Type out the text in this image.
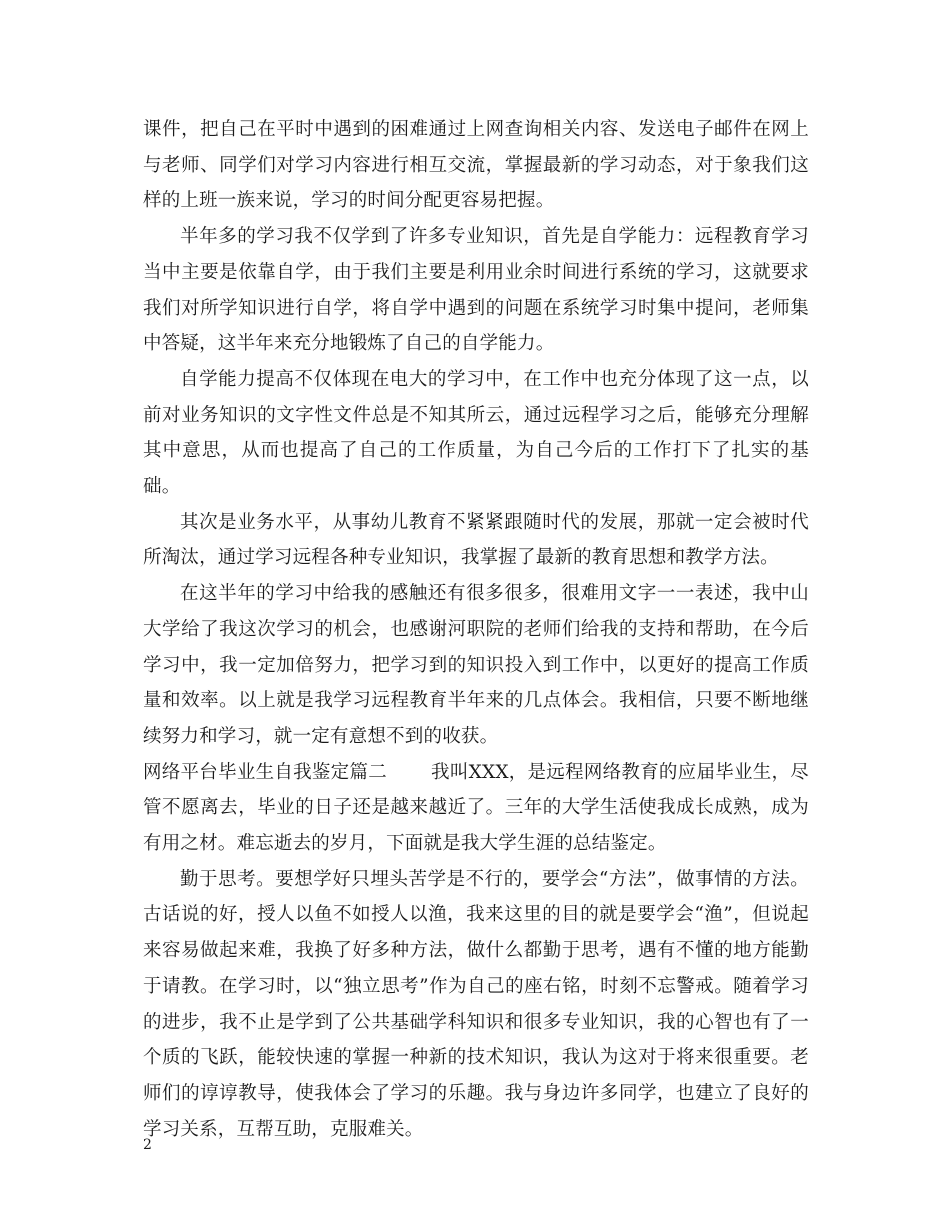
课件，把自己在平时中遇到的困难通过上网查询相关内容、发送电子邮件在网上与老师、同学们对学习内容进行相互交流，掌握最新的学习动态，对于象我们这样的上班一族来说，学习的时间分配更容易把握。

半年多的学习我不仅学到了许多专业知识，首先是自学能力：远程教育学习当中主要是依靠自学，由于我们主要是利用业余时间进行系统的学习，这就要求我们对所学知识进行自学，将自学中遇到的问题在系统学习时集中提问，老师集中答疑，这半年来充分地锻炼了自己的自学能力。

自学能力提高不仅体现在电大的学习中，在工作中也充分体现了这一点，以前对业务知识的文字性文件总是不知其所云，通过远程学习之后，能够充分理解其中意思，从而也提高了自己的工作质量，为自己今后的工作打下了扎实的基础。

其次是业务水平，从事幼儿教育不紧紧跟随时代的发展，那就一定会被时代所淘汰，通过学习远程各种专业知识，我掌握了最新的教育思想和教学方法。

在这半年的学习中给我的感触还有很多很多，很难用文字一一表述，我中山大学给了我这次学习的机会，也感谢河职院的老师们给我的支持和帮助，在今后学习中，我一定加倍努力，把学习到的知识投入到工作中，以更好的提高工作质量和效率。以上就是我学习远程教育半年来的几点体会。我相信，只要不断地继续努力和学习，就一定有意想不到的收获。

网络平台毕业生自我鉴定篇二 我叫XXX，是远程网络教育的应届毕业生，尽管不愿离去，毕业的日子还是越来越近了。三年的大学生活使我成长成熟，成为有用之材。难忘逝去的岁月，下面就是我大学生涯的总结鉴定。

勤于思考。要想学好只埋头苦学是不行的，要学会“方法”，做事情的方法。古话说的好，授人以鱼不如授人以渔，我来这里的目的就是要学会“渔”，但说起来容易做起来难，我换了好多种方法，做什么都勤于思考，遇有不懂的地方能勤于请教。在学习时，以“独立思考”作为自己的座右铭，时刻不忘警戒。随着学习的进步，我不止是学到了公共基础学科知识和很多专业知识，我的心智也有了一个质的飞跃，能较快速的掌握一种新的技术知识，我认为这对于将来很重要。老师们的谆谆教导，使我体会了学习的乐趣。我与身边许多同学，也建立了良好的学习关系，互帮互助，克服难关。

2
